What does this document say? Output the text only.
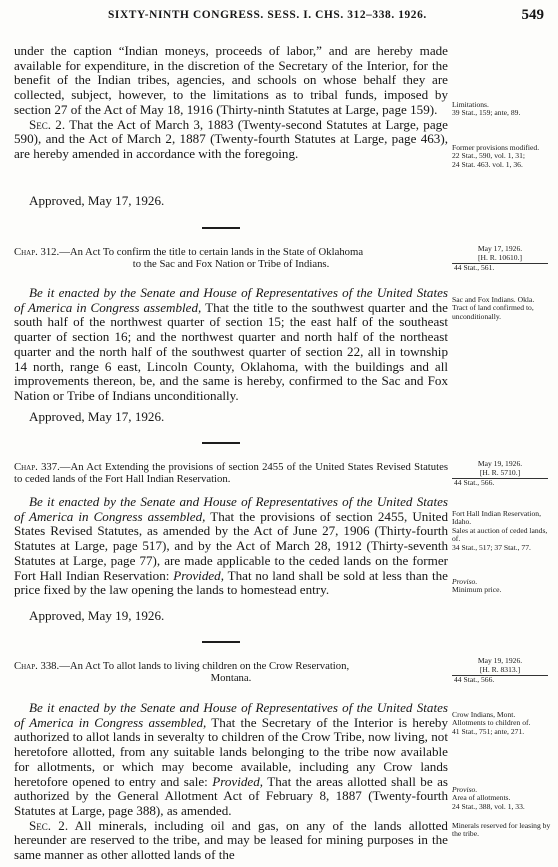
SIXTY-NINTH CONGRESS. SESS. I. CHS. 312–338. 1926.	549

under the caption “Indian moneys, proceeds of labor,” and are hereby made available for expenditure, in the discretion of the Secretary of the Interior, for the benefit of the Indian tribes, agencies, and schools on whose behalf they are collected, subject, however, to the limitations as to tribal funds, imposed by section 27 of the Act of May 18, 1916 (Thirty-ninth Statutes at Large, page 159).

Sec. 2. That the Act of March 3, 1883 (Twenty-second Statutes at Large, page 590), and the Act of March 2, 1887 (Twenty-fourth Statutes at Large, page 463), are hereby amended in accordance with the foregoing.

Approved, May 17, 1926.
Limitations.
39 Stat., 159; ante, 89.
Former provisions modified.
22 Stat., 590, vol. 1, 31;
24 Stat. 463. vol. 1, 36.
Chap. 312.—An Act To confirm the title to certain lands in the State of Oklahoma
to the Sac and Fox Nation or Tribe of Indians.
May 17, 1926.
[H. R. 10610.]
44 Stat., 561.

Be it enacted by the Senate and House of Representatives of the United States of America in Congress assembled, That the title to the southwest quarter and the south half of the northwest quarter of section 15; the east half of the southeast quarter of section 16; and the northwest quarter and north half of the northeast quarter and the north half of the southwest quarter of section 22, all in township 14 north, range 6 east, Lincoln County, Oklahoma, with the buildings and all improvements thereon, be, and the same is hereby, confirmed to the Sac and Fox Nation or Tribe of Indians unconditionally.

Approved, May 17, 1926.
Sac and Fox Indians. Okla.
Tract of land confirmed to, unconditionally.
Chap. 337.—An Act Extending the provisions of section 2455 of the United States Revised Statutes to ceded lands of the Fort Hall Indian Reservation.
May 19, 1926.
[H. R. 5710.]
44 Stat., 566.

Be it enacted by the Senate and House of Representatives of the United States of America in Congress assembled, That the provisions of section 2455, United States Revised Statutes, as amended by the Act of June 27, 1906 (Thirty-fourth Statutes at Large, page 517), and by the Act of March 28, 1912 (Thirty-seventh Statutes at Large, page 77), are made applicable to the ceded lands on the former Fort Hall Indian Reservation: Provided, That no land shall be sold at less than the price fixed by the law opening the lands to homestead entry.

Approved, May 19, 1926.
Fort Hall Indian Reservation, Idaho.
Sales at auction of ceded lands, of.
34 Stat., 517; 37 Stat., 77.
Proviso.
Minimum price.
Chap. 338.—An Act To allot lands to living children on the Crow Reservation,
Montana.
May 19, 1926.
[H. R. 8313.]
44 Stat., 566.

Be it enacted by the Senate and House of Representatives of the United States of America in Congress assembled, That the Secretary of the Interior is hereby authorized to allot lands in severalty to children of the Crow Tribe, now living, not heretofore allotted, from any suitable lands belonging to the tribe now available for allotments, or which may become available, including any Crow lands heretofore opened to entry and sale: Provided, That the areas allotted shall be as authorized by the General Allotment Act of February 8, 1887 (Twenty-fourth Statutes at Large, page 388), as amended.

Sec. 2. All minerals, including oil and gas, on any of the lands allotted hereunder are reserved to the tribe, and may be leased for mining purposes in the same manner as other allotted lands of the

Crow Indians, Mont.
Allotments to children of.
41 Stat., 751; ante, 271.
Proviso.
Area of allotments.
24 Stat., 388, vol. 1, 33.
Minerals reserved for leasing by the tribe.
